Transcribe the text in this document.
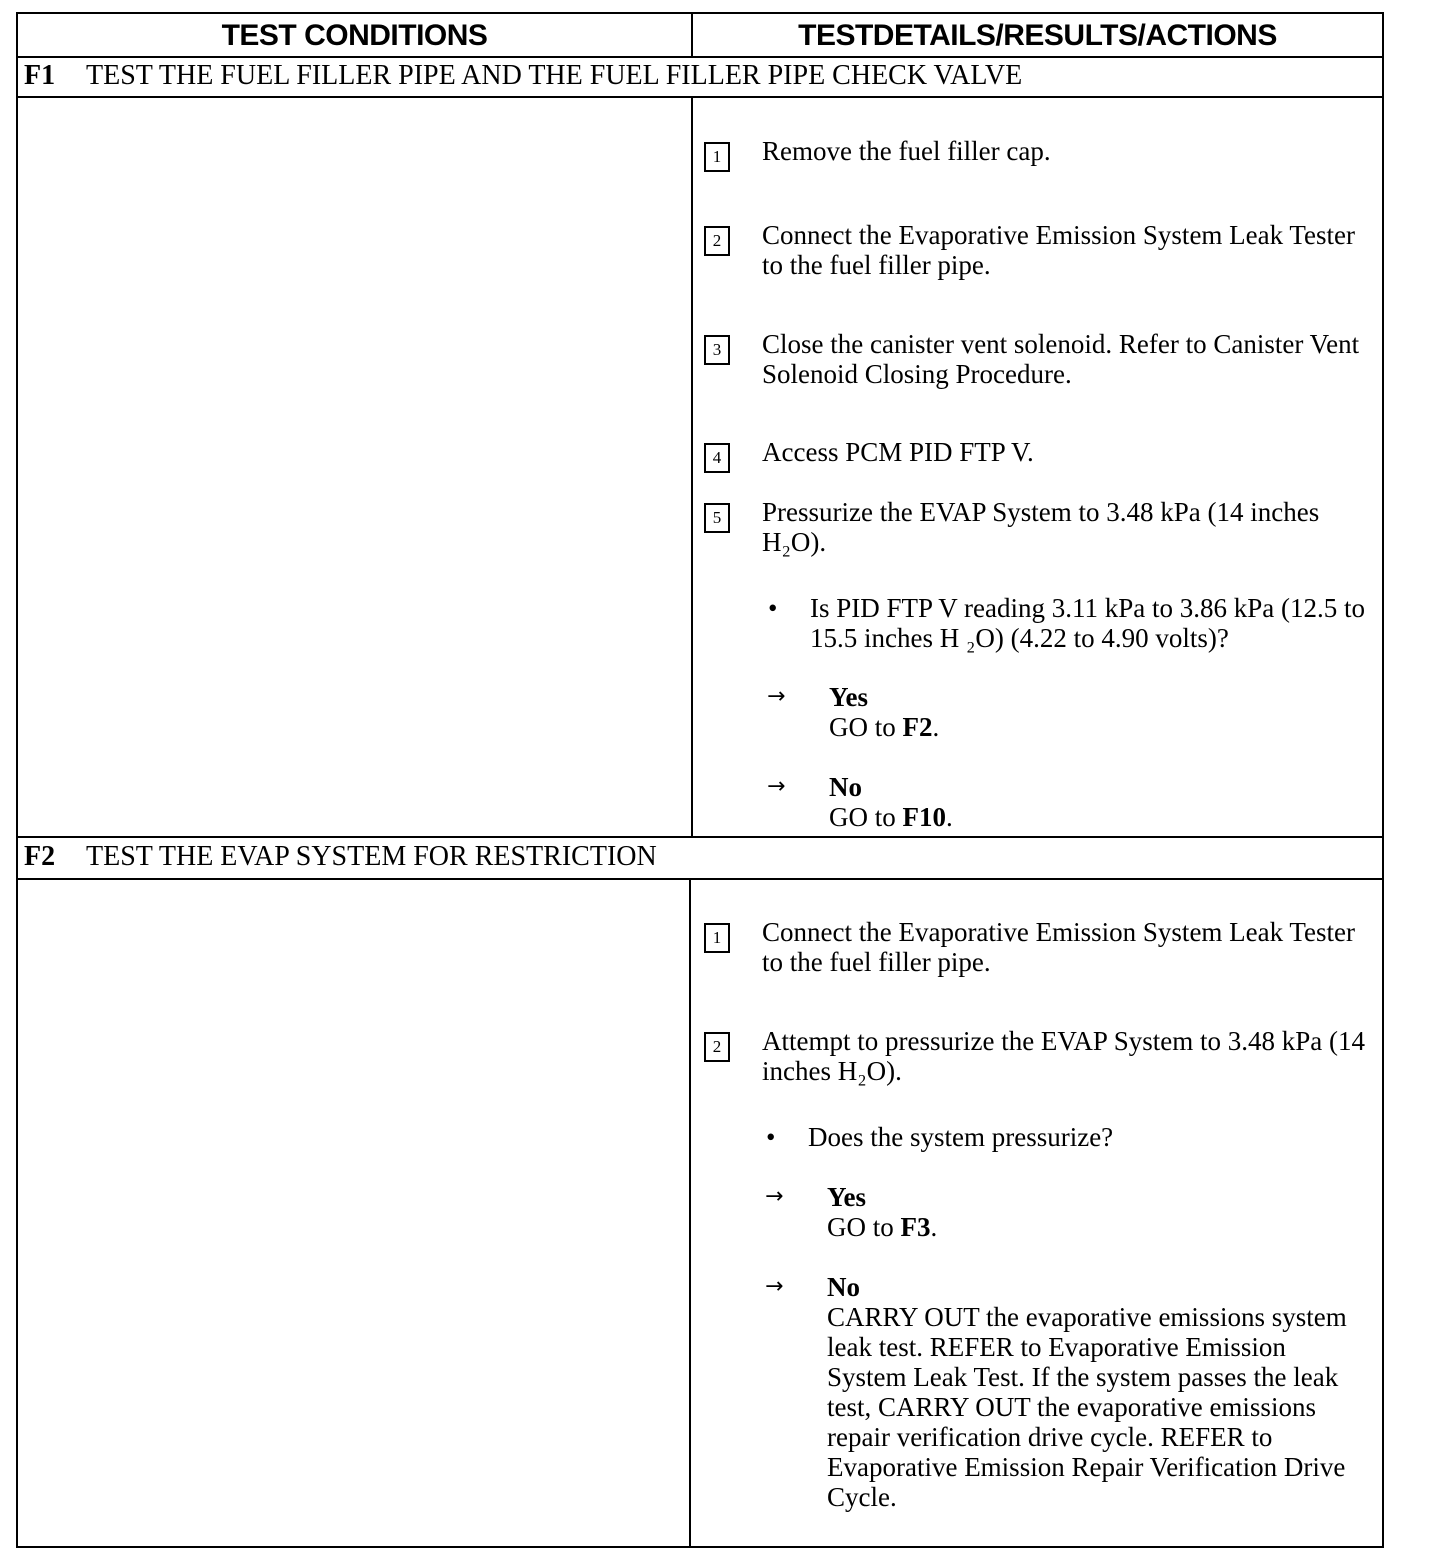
TEST CONDITIONS	TESTDETAILS/RESULTS/ACTIONS
F1 TEST THE FUEL FILLER PIPE AND THE FUEL FILLER PIPE CHECK VALVE
1	Remove the fuel filler cap.
2	Connect the Evaporative Emission System Leak Tester to the fuel filler pipe.
3	Close the canister vent solenoid. Refer to Canister Vent Solenoid Closing Procedure.
4	Access PCM PID FTP V.
5	Pressurize the EVAP System to 3.48 kPa (14 inches H₂O).
• Is PID FTP V reading 3.11 kPa to 3.86 kPa (12.5 to 15.5 inches H ₂O) (4.22 to 4.90 volts)?
→ Yes
GO to F2.
→ No
GO to F10.
F2 TEST THE EVAP SYSTEM FOR RESTRICTION
1	Connect the Evaporative Emission System Leak Tester to the fuel filler pipe.
2	Attempt to pressurize the EVAP System to 3.48 kPa (14 inches H₂O).
• Does the system pressurize?
→ Yes
GO to F3.
→ No
CARRY OUT the evaporative emissions system leak test. REFER to Evaporative Emission System Leak Test. If the system passes the leak test, CARRY OUT the evaporative emissions repair verification drive cycle. REFER to Evaporative Emission Repair Verification Drive Cycle.
